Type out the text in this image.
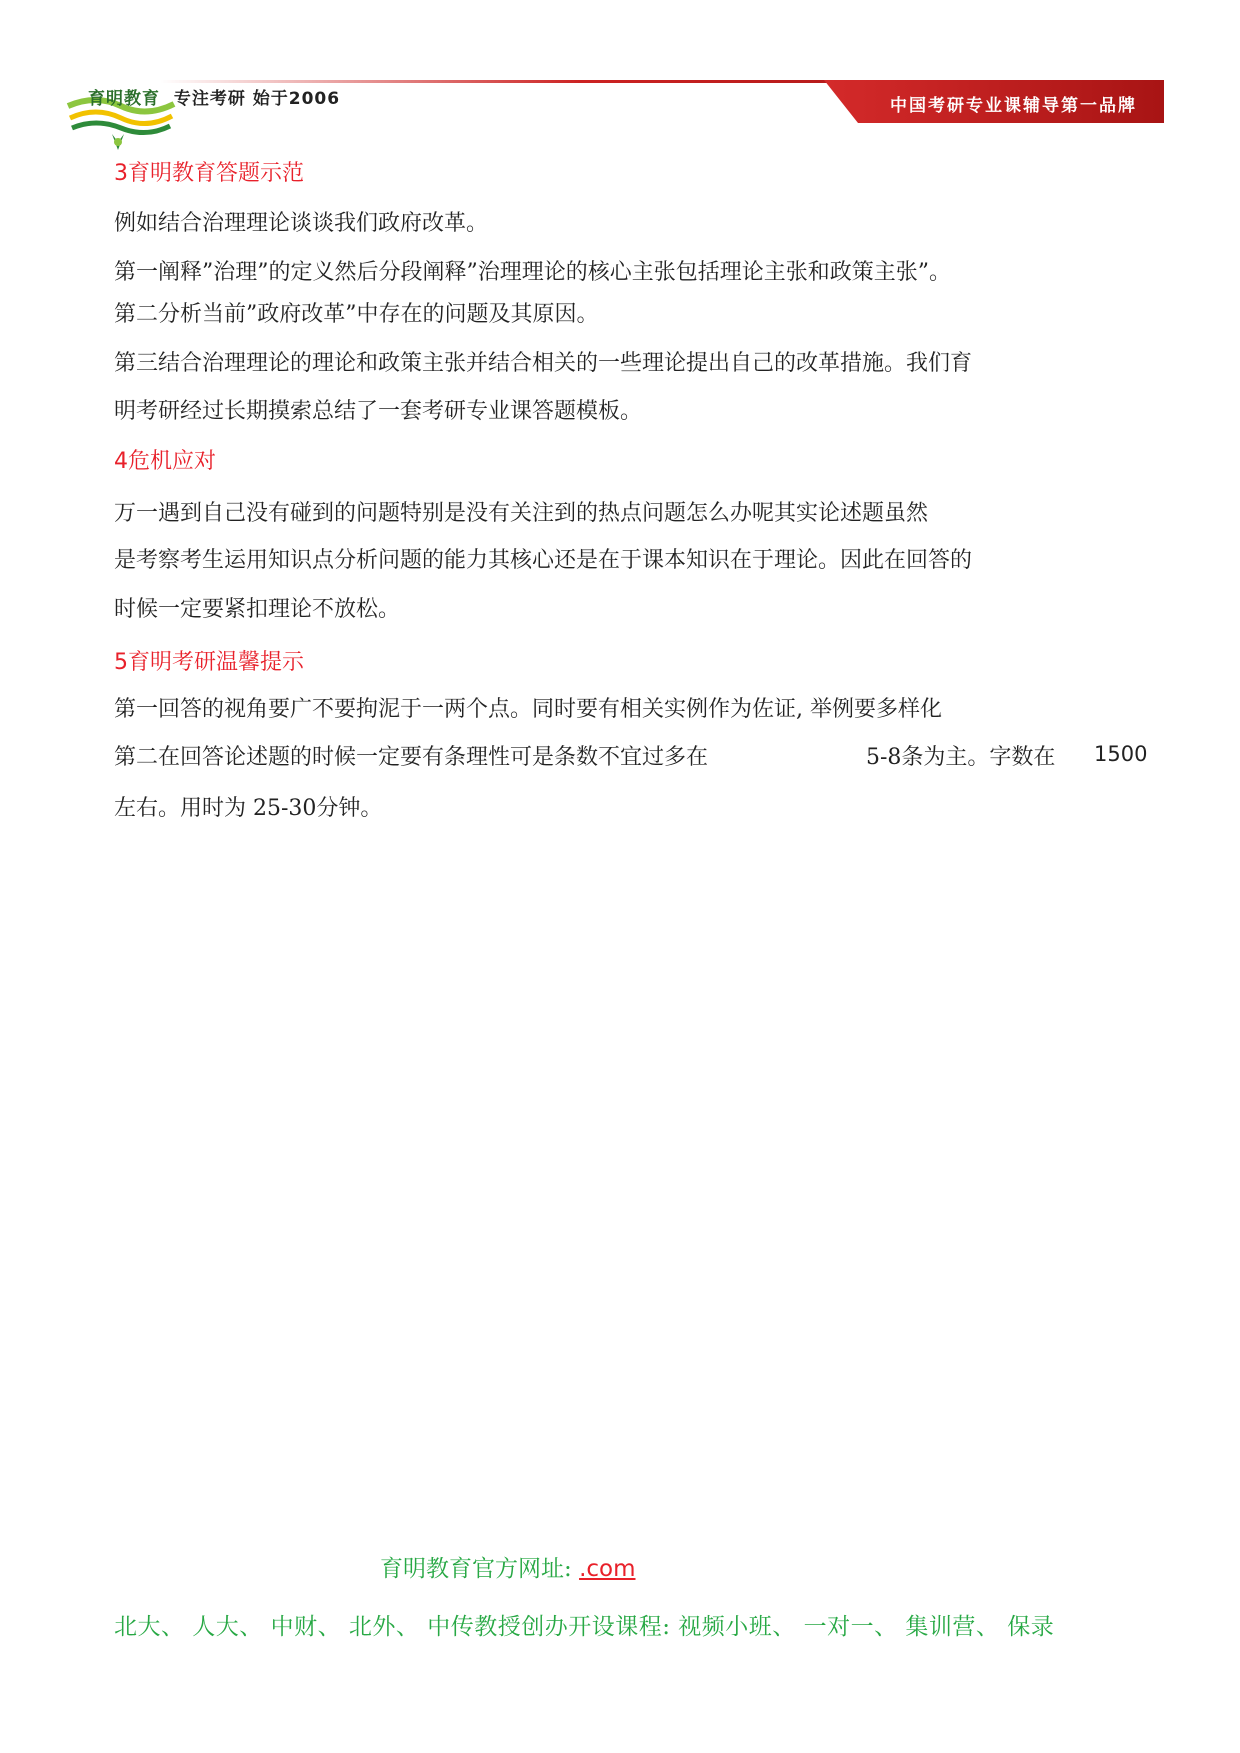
育明教育 专注考研 始于2006	中国考研专业课辅导第一品牌
3育明教育答题示范
例如结合治理理论谈谈我们政府改革。
第一阐释”治理”的定义然后分段阐释”治理理论的核心主张包括理论主张和政策主张”。
第二分析当前”政府改革”中存在的问题及其原因。
第三结合治理理论的理论和政策主张并结合相关的一些理论提出自己的改革措施。我们育
明考研经过长期摸索总结了一套考研专业课答题模板。
4危机应对
万一遇到自己没有碰到的问题特别是没有关注到的热点问题怎么办呢其实论述题虽然
是考察考生运用知识点分析问题的能力其核心还是在于课本知识在于理论。因此在回答的
时候一定要紧扣理论不放松。
5育明考研温馨提示
第一回答的视角要广不要拘泥于一两个点。同时要有相关实例作为佐证, 举例要多样化
第二在回答论述题的时候一定要有条理性可是条数不宜过多在	5-8条为主。字数在 1500
左右。用时为 25-30分钟。
育明教育官方网址: .com
北大、 人大、 中财、 北外、 中传教授创办开设课程: 视频小班、 一对一、 集训营、 保录
